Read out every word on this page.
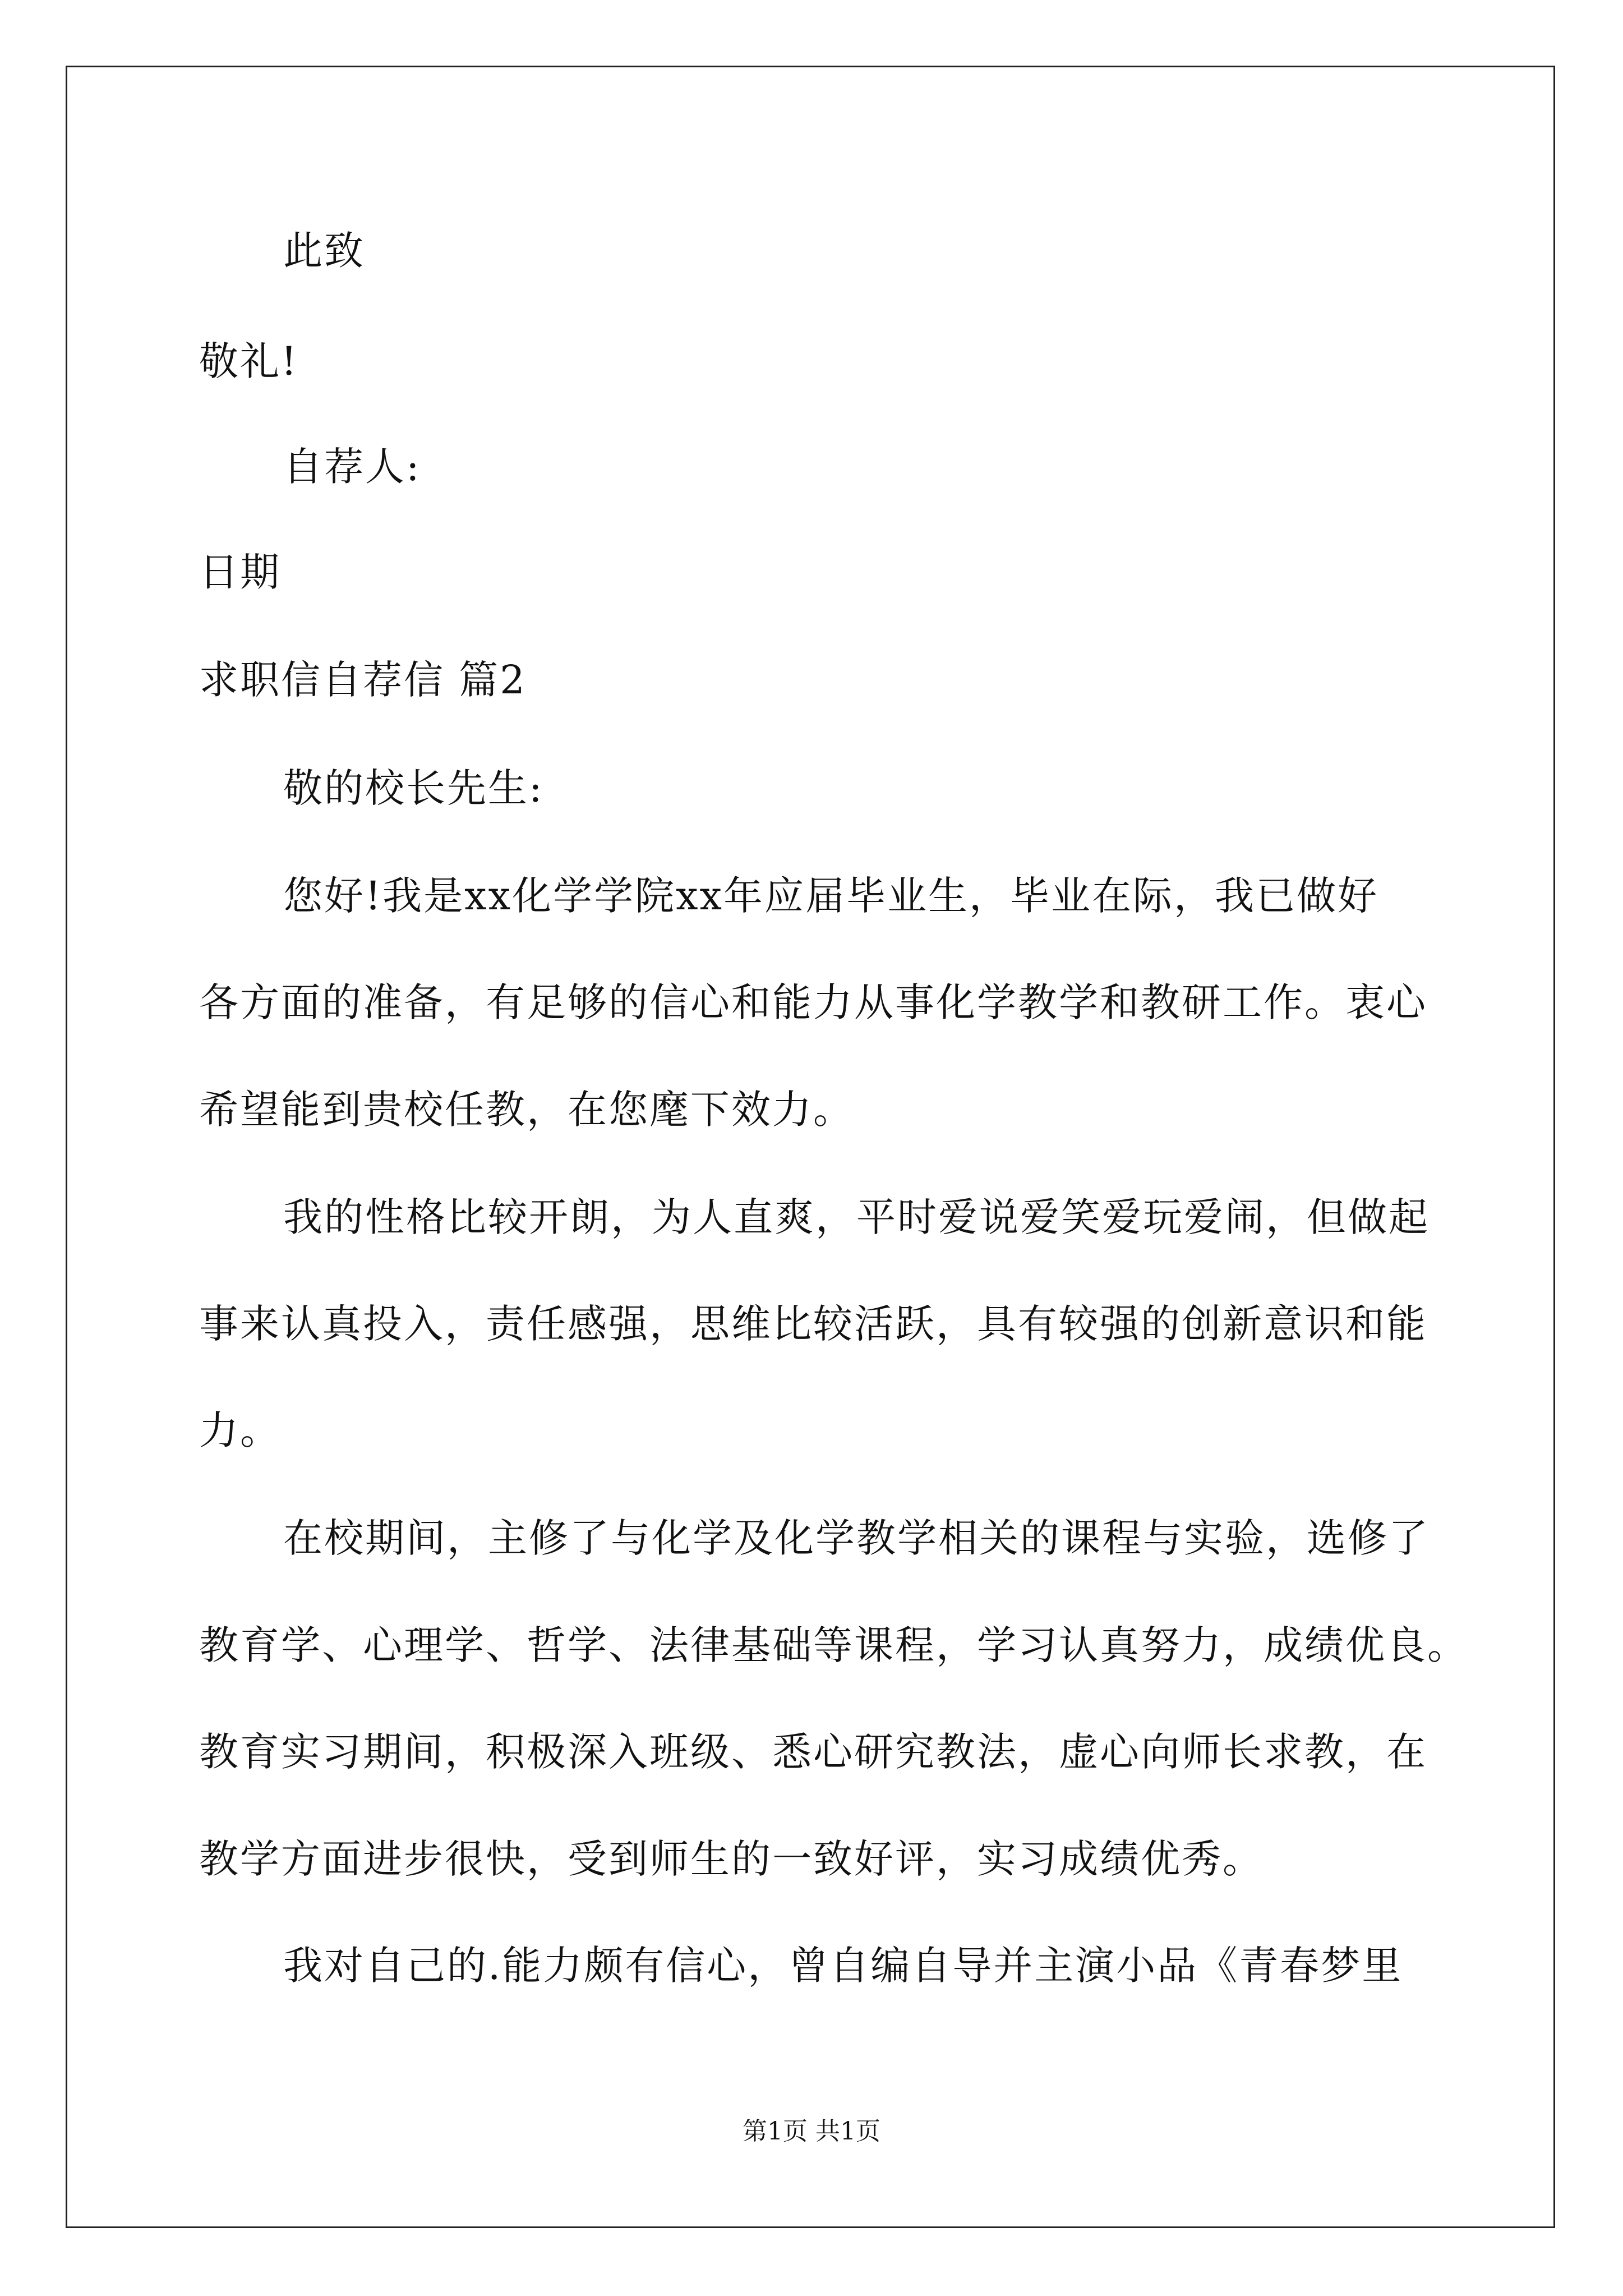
此致
敬礼!
自荐人:
日期
求职信自荐信 篇2
敬的校长先生:
您好!我是xx化学学院xx年应届毕业生，毕业在际，我已做好
各方面的准备，有足够的信心和能力从事化学教学和教研工作。衷心
希望能到贵校任教，在您麾下效力。
我的性格比较开朗，为人直爽，平时爱说爱笑爱玩爱闹，但做起
事来认真投入，责任感强，思维比较活跃，具有较强的创新意识和能
力。
在校期间，主修了与化学及化学教学相关的课程与实验，选修了
教育学、心理学、哲学、法律基础等课程，学习认真努力，成绩优良。
教育实习期间，积极深入班级、悉心研究教法，虚心向师长求教，在
教学方面进步很快，受到师生的一致好评，实习成绩优秀。
我对自己的.能力颇有信心，曾自编自导并主演小品《青春梦里
第1页 共1页
